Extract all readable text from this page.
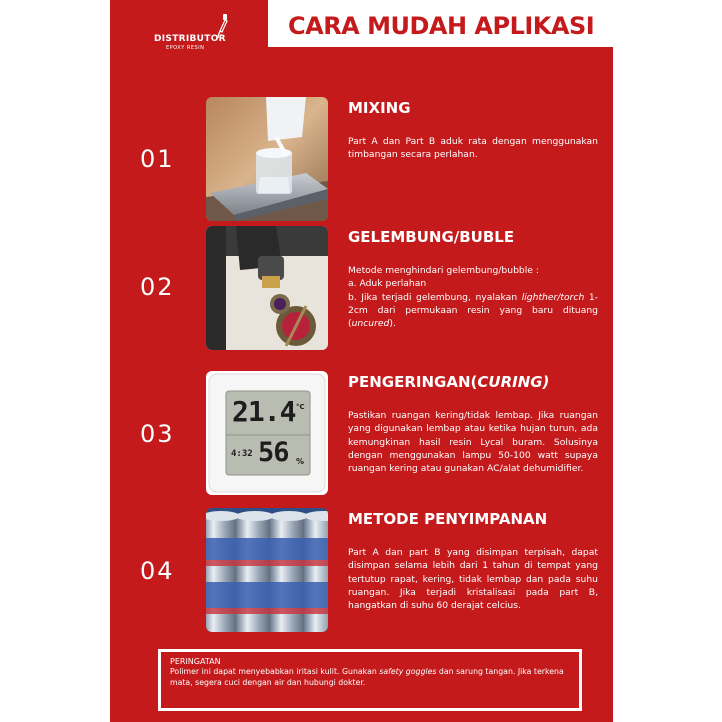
DISTRIBUTOR
EPOXY RESIN
CARA MUDAH APLIKASI
01
MIXING
Part A dan Part B aduk rata dengan menggunakan timbangan secara perlahan.
02
GELEMBUNG/BUBLE

Metode menghindari gelembung/bubble :

a. Aduk perlahan

b. Jika terjadi gelembung, nyalakan lighther/torch 1-2cm dari permukaan resin yang baru dituang (uncured).

03
21.4 °C
4:32 56 %
PENGERINGAN(CURING)
Pastikan ruangan kering/tidak lembap. Jika ruangan yang digunakan lembap atau ketika hujan turun, ada kemungkinan hasil resin Lycal buram. Solusinya dengan menggunakan lampu 50-100 watt supaya ruangan kering atau gunakan AC/alat dehumidifier.
04
METODE PENYIMPANAN
Part A dan part B yang disimpan terpisah, dapat disimpan selama lebih dari 1 tahun di tempat yang tertutup rapat, kering, tidak lembap dan pada suhu ruangan. Jika terjadi kristalisasi pada part B, hangatkan di suhu 60 derajat celcius.
PERINGATAN
Polimer ini dapat menyebabkan iritasi kulit. Gunakan safety goggles dan sarung tangan. Jika terkena mata, segera cuci dengan air dan hubungi dokter.
